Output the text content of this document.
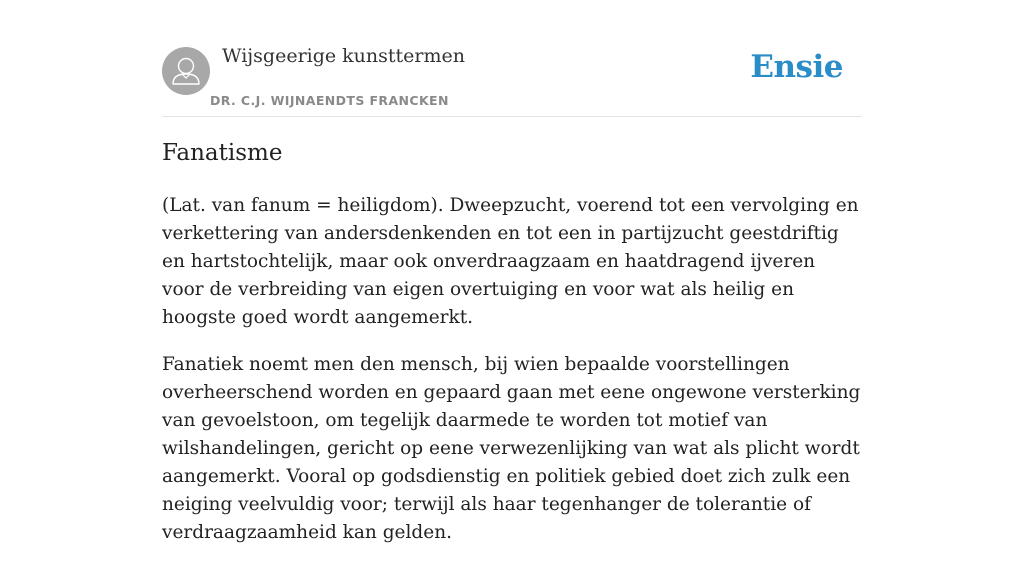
Wijsgeerige kunsttermen
DR. C.J. WIJNAENDTS FRANCKEN
Ensie
Fanatisme

(Lat. van fanum = heiligdom). Dweepzucht, voerend tot een vervolging en verkettering van andersdenkenden en tot een in partijzucht geestdriftig en hartstochtelijk, maar ook onverdraagzaam en haatdragend ijveren voor de verbreiding van eigen overtuiging en voor wat als heilig en hoogste goed wordt aangemerkt.

Fanatiek noemt men den mensch, bij wien bepaalde voorstellingen overheerschend worden en gepaard gaan met eene ongewone versterking van gevoelstoon, om tegelijk daarmede te worden tot motief van wilshandelingen, gericht op eene verwezenlijking van wat als plicht wordt aangemerkt. Vooral op godsdienstig en politiek gebied doet zich zulk een neiging veelvuldig voor; terwijl als haar tegenhanger de tolerantie of verdraagzaamheid kan gelden.
